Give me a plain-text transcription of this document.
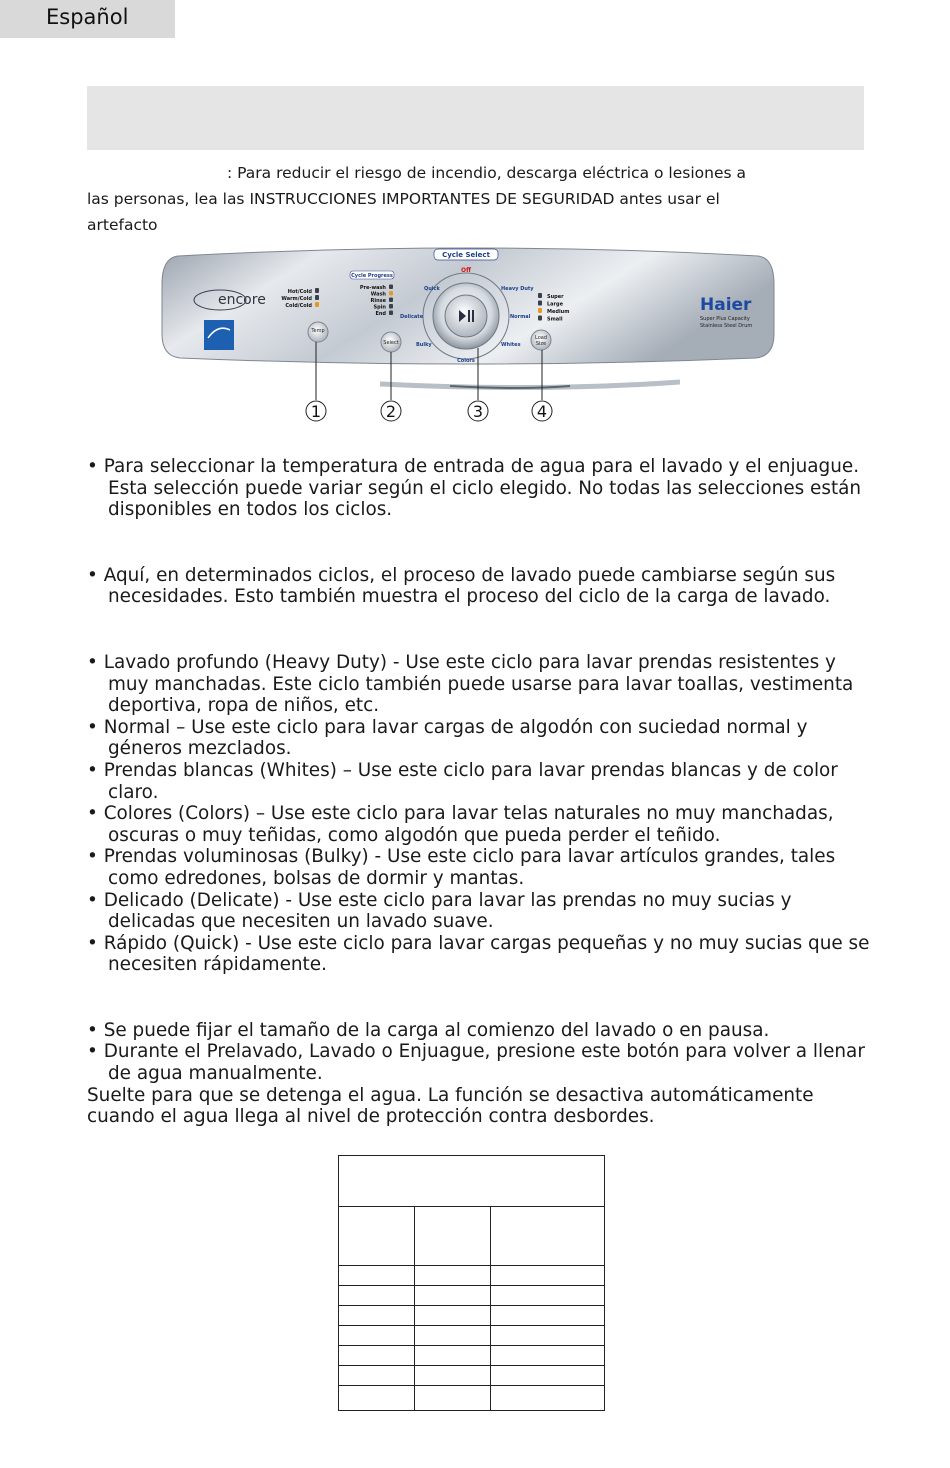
Español
: Para reducir el riesgo de incendio, descarga eléctrica o lesiones a
las personas, lea las INSTRUCCIONES IMPORTANTES DE SEGURIDAD antes usar el
artefacto
encore	Haier
Super Plus Capacity
Stainless Steel Drum
Hot/Cold
Warm/Cold
Cold/Cold
Temp
Cycle Progress
Pre-wash
Wash
Rinse
Spin
End
Select
Cycle Select
Off
Quick	Heavy Duty
Delicate	Normal
Bulky	Whites
Colors
Super
Large
Medium
Small
Load
Size
1	2	3	4
• Para seleccionar la temperatura de entrada de agua para el lavado y el enjuague. Esta selección puede variar según el ciclo elegido. No todas las selecciones están disponibles en todos los ciclos.
• Aquí, en determinados ciclos, el proceso de lavado puede cambiarse según sus necesidades. Esto también muestra el proceso del ciclo de la carga de lavado.
• Lavado profundo (Heavy Duty) - Use este ciclo para lavar prendas resistentes y muy manchadas. Este ciclo también puede usarse para lavar toallas, vestimenta deportiva, ropa de niños, etc.
• Normal – Use este ciclo para lavar cargas de algodón con suciedad normal y géneros mezclados.
• Prendas blancas (Whites) – Use este ciclo para lavar prendas blancas y de color claro.
• Colores (Colors) – Use este ciclo para lavar telas naturales no muy manchadas, oscuras o muy teñidas, como algodón que pueda perder el teñido.
• Prendas voluminosas (Bulky) - Use este ciclo para lavar artículos grandes, tales como edredones, bolsas de dormir y mantas.
• Delicado (Delicate) - Use este ciclo para lavar las prendas no muy sucias y delicadas que necesiten un lavado suave.
• Rápido (Quick) - Use este ciclo para lavar cargas pequeñas y no muy sucias que se necesiten rápidamente.
• Se puede fijar el tamaño de la carga al comienzo del lavado o en pausa.
• Durante el Prelavado, Lavado o Enjuague, presione este botón para volver a llenar de agua manualmente.
Suelte para que se detenga el agua. La función se desactiva automáticamente cuando el agua llega al nivel de protección contra desbordes.
